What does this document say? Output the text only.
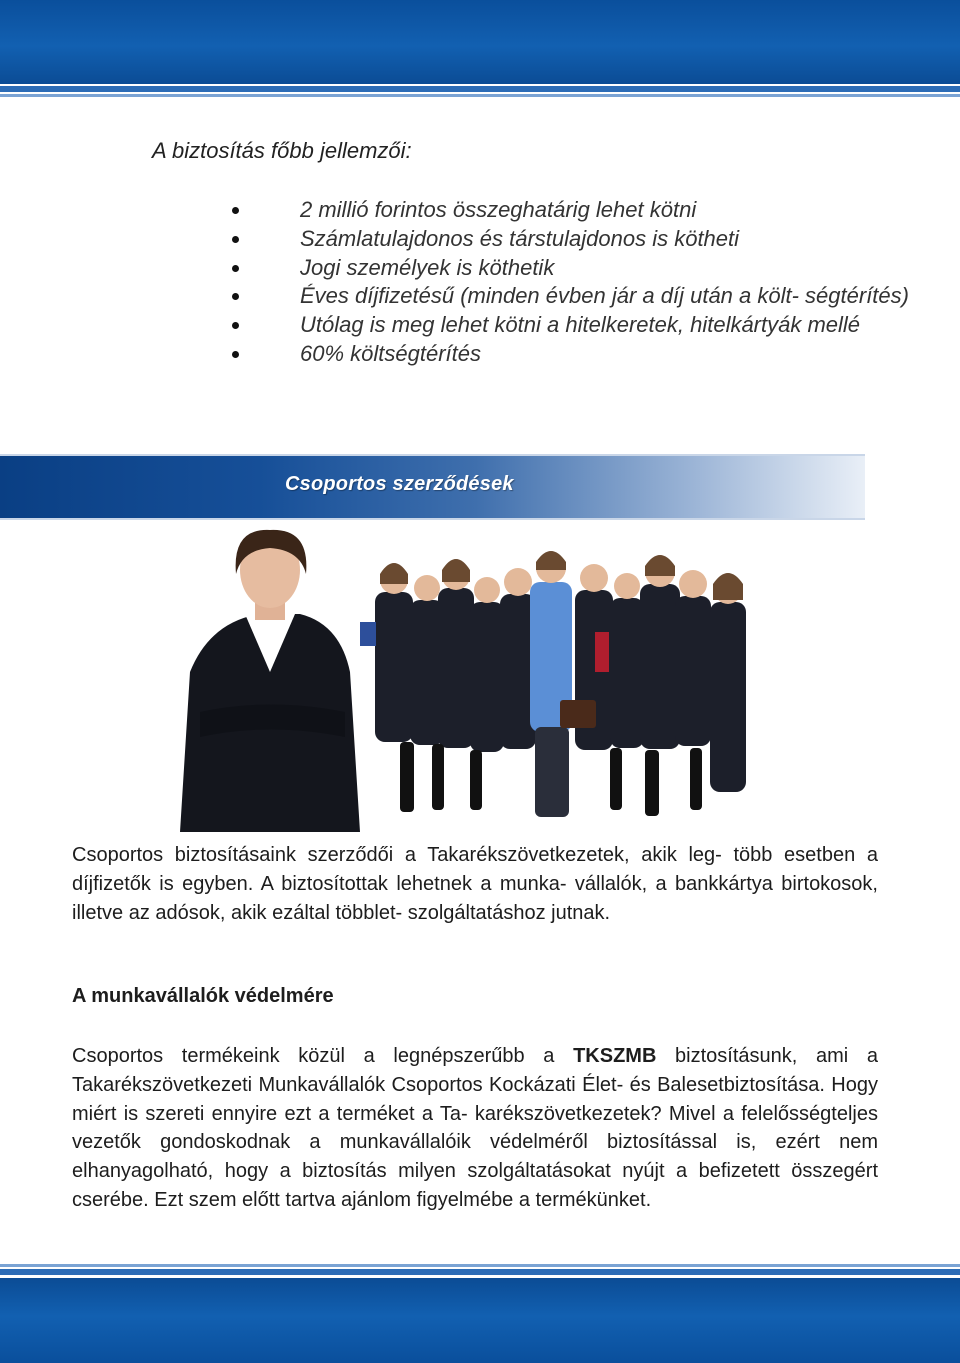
A biztosítás főbb jellemzői:
2 millió forintos összeghatárig lehet kötni
Számlatulajdonos és társtulajdonos is kötheti
Jogi személyek is köthetik
Éves díjfizetésű (minden évben jár a díj után a költ- ségtérítés)
Utólag is meg lehet kötni a hitelkeretek, hitelkártyák mellé
60% költségtérítés
Csoportos szerződések

Csoportos biztosításaink szerződői a Takarékszövetkezetek, akik leg- több esetben a díjfizetők is egyben. A biztosítottak lehetnek a munka- vállalók, a bankkártya birtokosok, illetve az adósok, akik ezáltal többlet- szolgáltatáshoz jutnak.

A munkavállalók védelmére

Csoportos termékeink közül a legnépszerűbb a TKSZMB biztosításunk, ami a Takarékszövetkezeti Munkavállalók Csoportos Kockázati Élet- és Balesetbiztosítása. Hogy miért is szereti ennyire ezt a terméket a Ta- karékszövetkezetek? Mivel a felelősségteljes vezetők gondoskodnak a munkavállalóik védelméről biztosítással is, ezért nem elhanyagolható, hogy a biztosítás milyen szolgáltatásokat nyújt a befizetett összegért cserébe. Ezt szem előtt tartva ajánlom figyelmébe a termékünket.
